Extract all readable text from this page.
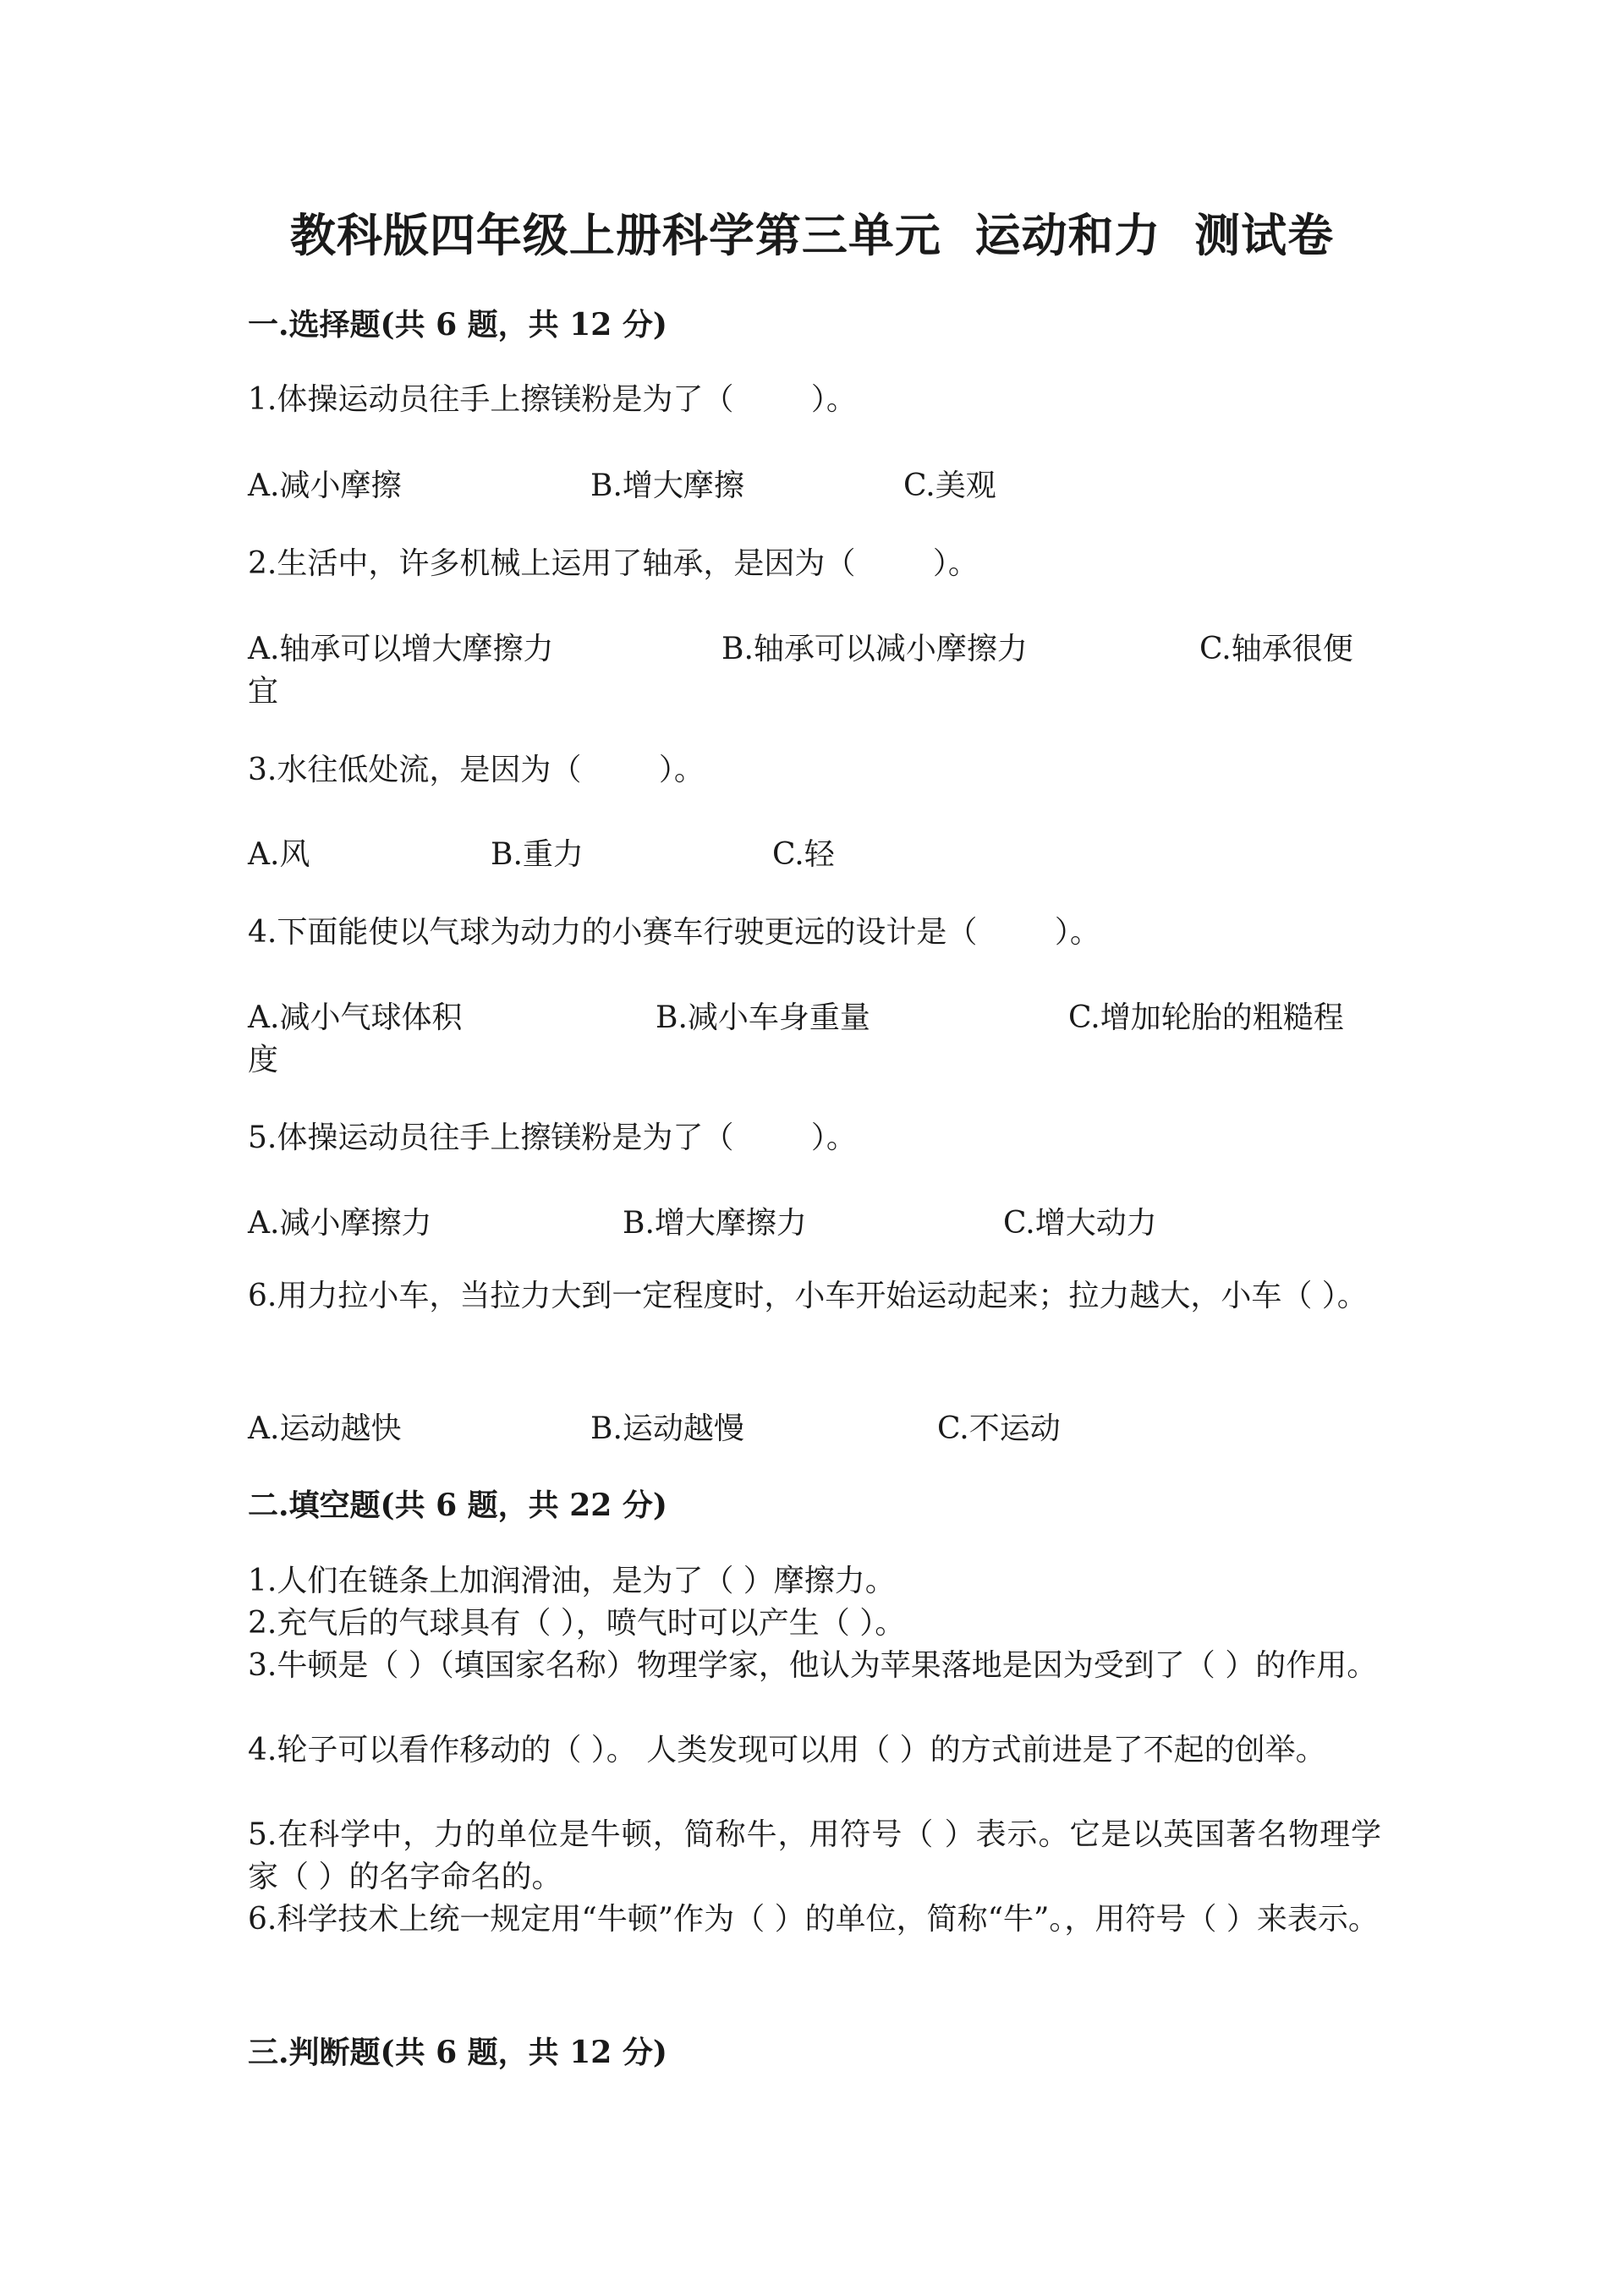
教科版四年级上册科学第三单元  运动和力  测试卷
一.选择题(共 6 题，共 12 分)
1.体操运动员往手上擦镁粉是为了（        ）。
A.减小摩擦	B.增大摩擦	C.美观
2.生活中，许多机械上运用了轴承，是因为（        ）。
A.轴承可以增大摩擦力	B.轴承可以减小摩擦力	C.轴承很便
宜
3.水往低处流，是因为（        ）。
A.风	B.重力	C.轻
4.下面能使以气球为动力的小赛车行驶更远的设计是（        ）。
A.减小气球体积	B.减小车身重量	C.增加轮胎的粗糙程
度
5.体操运动员往手上擦镁粉是为了（        ）。
A.减小摩擦力	B.增大摩擦力	C.增大动力
6.用力拉小车，当拉力大到一定程度时，小车开始运动起来；拉力越大，小车（ ）。
A.运动越快	B.运动越慢	C.不运动
二.填空题(共 6 题，共 22 分)
1.人们在链条上加润滑油，是为了（ ）摩擦力。
2.充气后的气球具有（ ），喷气时可以产生（ ）。
3.牛顿是（ ）（填国家名称）物理学家，他认为苹果落地是因为受到了（ ）的作用。
4.轮子可以看作移动的（ ）。 人类发现可以用（ ）的方式前进是了不起的创举。
5.在科学中，力的单位是牛顿，简称牛，用符号（ ）表示。它是以英国著名物理学家（ ）的名字命名的。
6.科学技术上统一规定用“牛顿”作为（ ）的单位，简称“牛”。，用符号（ ）来表示。
三.判断题(共 6 题，共 12 分)
